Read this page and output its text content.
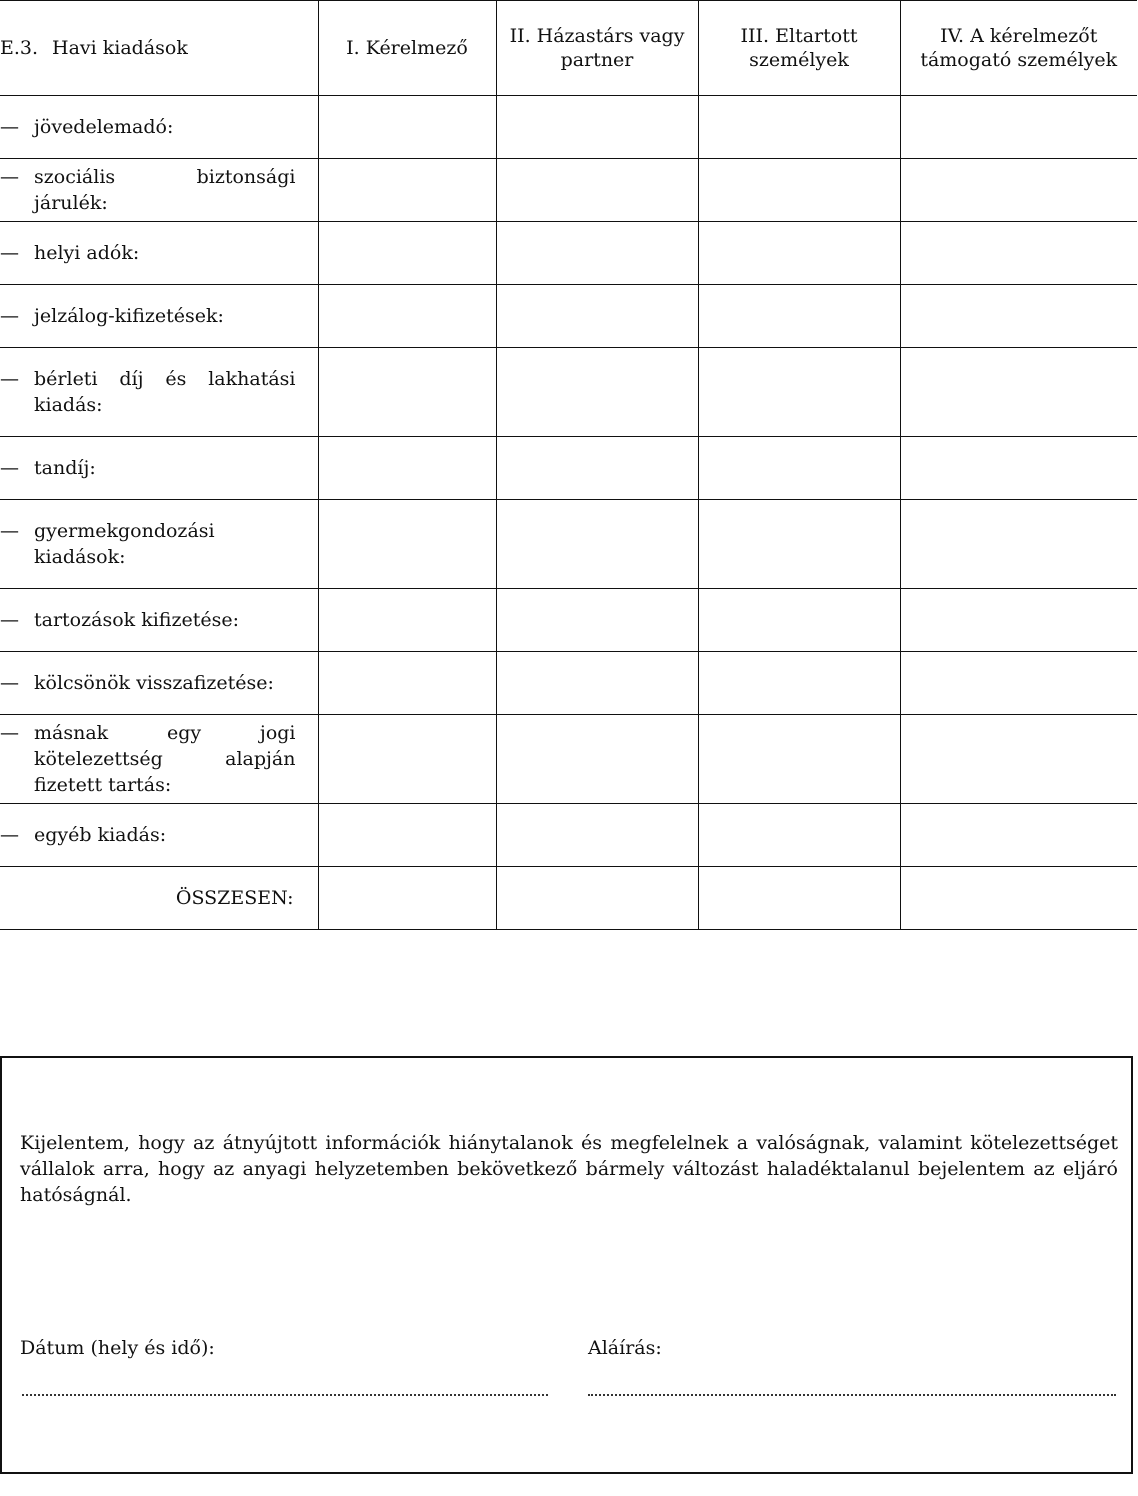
E.3. Havi kiadások	I. Kérelmező	II. Házastárs vagy partner	III. Eltartott személyek	IV. A kérelmezőt támogató személyek

— jövedelemadó:				

— szociális biztonsági járulék:				

— helyi adók:				

— jelzálog-kifizetések:				

— bérleti díj és lakhatási kiadás:				

— tandíj:				

— gyermekgondozási kiadások:				

— tartozások kifizetése:				

— kölcsönök visszafizetése:				

— másnak egy jogi kötelezettség alapján fizetett tartás:				

— egyéb kiadás:				

ÖSSZESEN:				
Kijelentem, hogy az átnyújtott információk hiánytalanok és megfelelnek a valóságnak, valamint kötelezettséget vállalok arra, hogy az anyagi helyzetemben bekövetkező bármely változást haladéktalanul bejelentem az eljáró hatóságnál.
Dátum (hely és idő):	Aláírás:
